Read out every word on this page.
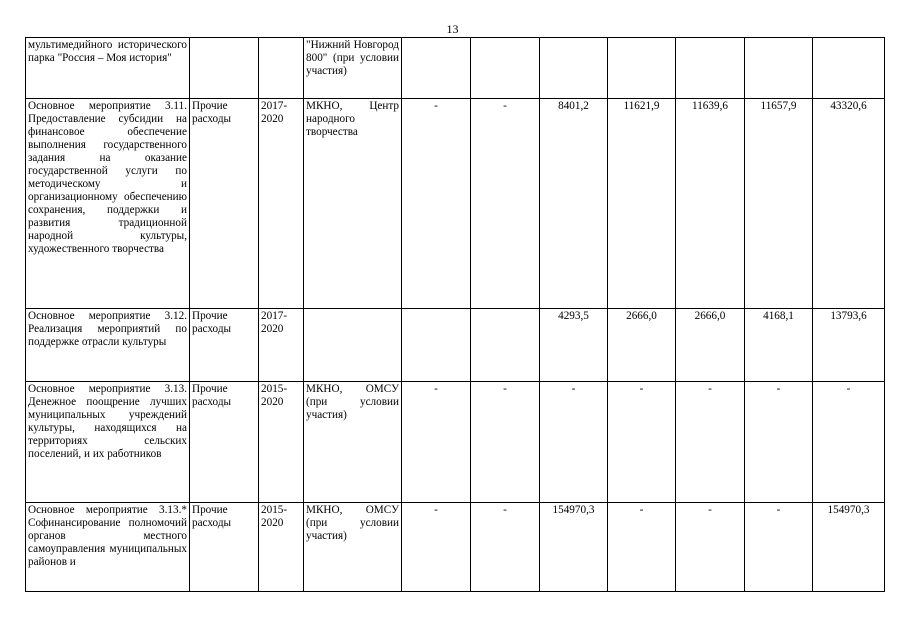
13
мультимедийного исторического парка "Россия – Моя история"			"Нижний Новгород 800" (при условии участия)							
Основное мероприятие 3.11. Предоставление субсидии на финансовое обеспечение выполнения государственного задания на оказание государственной услуги по методическому и организационному обеспечению сохранения, поддержки и развития традиционной народной культуры, художественного творчества	Прочие расходы	2017-2020	МКНО, Центр народного творчества	-	-	8401,2	11621,9	11639,6	11657,9	43320,6
Основное мероприятие 3.12. Реализация мероприятий по поддержке отрасли культуры	Прочие расходы	2017-2020				4293,5	2666,0	2666,0	4168,1	13793,6
Основное мероприятие 3.13. Денежное поощрение лучших муниципальных учреждений культуры, находящихся на территориях сельских поселений, и их работников	Прочие расходы	2015-2020	МКНО, ОМСУ (при условии участия)	-	-	-	-	-	-	-
Основное мероприятие 3.13.* Софинансирование полномочий органов местного самоуправления муниципальных районов и	Прочие расходы	2015-2020	МКНО, ОМСУ (при условии участия)	-	-	154970,3	-	-	-	154970,3
